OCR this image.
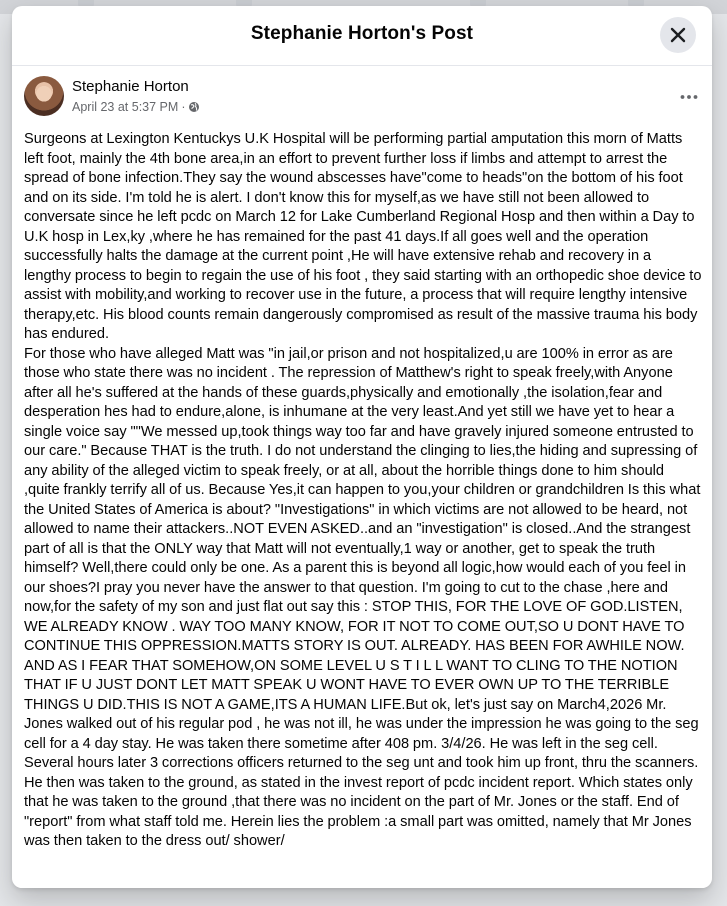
Stephanie Horton's Post
Stephanie Horton
April 23 at 5:37 PM ·

Surgeons at Lexington Kentuckys U.K Hospital will be performing partial amputation this morn of Matts left foot, mainly the 4th bone area,in an effort to prevent further loss if limbs and attempt to arrest the spread of bone infection.They say the wound abscesses have"come to heads"on the bottom of his foot and on its side. I'm told he is alert. I don't know this for myself,as we have still not been allowed to conversate since he left pcdc on March 12 for Lake Cumberland Regional Hosp and then within a Day to U.K hosp in Lex,ky ,where he has remained for the past 41 days.If all goes well and the operation successfully halts the damage at the current point ,He will have extensive rehab and recovery in a lengthy process to begin to regain the use of his foot , they said starting with an orthopedic shoe device to assist with mobility,and working to recover use in the future, a process that will require lengthy intensive therapy,etc. His blood counts remain dangerously compromised as result of the massive trauma his body has endured.

For those who have alleged Matt was "in jail,or prison and not hospitalized,u are 100% in error as are those who state there was no incident . The repression of Matthew's right to speak freely,with Anyone after all he's suffered at the hands of these guards,physically and emotionally ,the isolation,fear and desperation hes had to endure,alone, is inhumane at the very least.And yet still we have yet to hear a single voice say ""We messed up,took things way too far and have gravely injured someone entrusted to our care." Because THAT is the truth. I do not understand the clinging to lies,the hiding and supressing of any ability of the alleged victim to speak freely, or at all, about the horrible things done to him should ,quite frankly terrify all of us. Because Yes,it can happen to you,your children or grandchildren Is this what the United States of America is about? "Investigations" in which victims are not allowed to be heard, not allowed to name their attackers..NOT EVEN ASKED..and an "investigation" is closed..And the strangest part of all is that the ONLY way that Matt will not eventually,1 way or another, get to speak the truth himself? Well,there could only be one. As a parent this is beyond all logic,how would each of you feel in our shoes?I pray you never have the answer to that question. I'm going to cut to the chase ,here and now,for the safety of my son and just flat out say this : STOP THIS, FOR THE LOVE OF GOD.LISTEN, WE ALREADY KNOW . WAY TOO MANY KNOW, FOR IT NOT TO COME OUT,SO U DONT HAVE TO CONTINUE THIS OPPRESSION.MATTS STORY IS OUT. ALREADY. HAS BEEN FOR AWHILE NOW. AND AS I FEAR THAT SOMEHOW,ON SOME LEVEL U S T I L L WANT TO CLING TO THE NOTION THAT IF U JUST DONT LET MATT SPEAK U WONT HAVE TO EVER OWN UP TO THE TERRIBLE THINGS U DID.THIS IS NOT A GAME,ITS A HUMAN LIFE.But ok, let's just say on March4,2026 Mr. Jones walked out of his regular pod , he was not ill, he was under the impression he was going to the seg cell for a 4 day stay. He was taken there sometime after 408 pm. 3/4/26. He was left in the seg cell. Several hours later 3 corrections officers returned to the seg unt and took him up front, thru the scanners. He then was taken to the ground, as stated in the invest report of pcdc incident report. Which states only that he was taken to the ground ,that there was no incident on the part of Mr. Jones or the staff. End of "report" from what staff told me. Herein lies the problem :a small part was omitted, namely that Mr Jones was then taken to the dress out/ shower/
